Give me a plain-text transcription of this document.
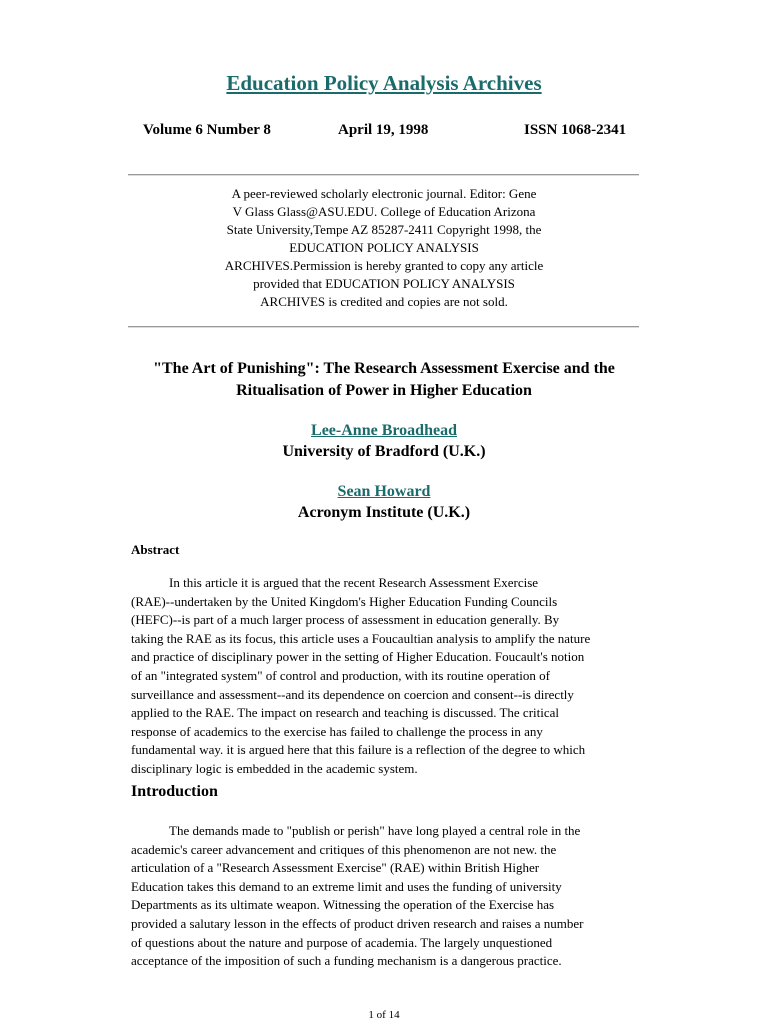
Education Policy Analysis Archives
Volume 6 Number 8	April 19, 1998	ISSN 1068-2341
A peer-reviewed scholarly electronic journal. Editor: Gene
V Glass Glass@ASU.EDU. College of Education Arizona
State University,Tempe AZ 85287-2411 Copyright 1998, the
EDUCATION POLICY ANALYSIS
ARCHIVES.Permission is hereby granted to copy any article
provided that EDUCATION POLICY ANALYSIS
ARCHIVES is credited and copies are not sold.
"The Art of Punishing": The Research Assessment Exercise and the
Ritualisation of Power in Higher Education
Lee-Anne Broadhead
University of Bradford (U.K.)
Sean Howard
Acronym Institute (U.K.)
Abstract
In this article it is argued that the recent Research Assessment Exercise
(RAE)--undertaken by the United Kingdom's Higher Education Funding Councils
(HEFC)--is part of a much larger process of assessment in education generally. By
taking the RAE as its focus, this article uses a Foucaultian analysis to amplify the nature
and practice of disciplinary power in the setting of Higher Education. Foucault's notion
of an "integrated system" of control and production, with its routine operation of
surveillance and assessment--and its dependence on coercion and consent--is directly
applied to the RAE. The impact on research and teaching is discussed. The critical
response of academics to the exercise has failed to challenge the process in any
fundamental way. it is argued here that this failure is a reflection of the degree to which
disciplinary logic is embedded in the academic system.
Introduction
The demands made to "publish or perish" have long played a central role in the
academic's career advancement and critiques of this phenomenon are not new. the
articulation of a "Research Assessment Exercise" (RAE) within British Higher
Education takes this demand to an extreme limit and uses the funding of university
Departments as its ultimate weapon. Witnessing the operation of the Exercise has
provided a salutary lesson in the effects of product driven research and raises a number
of questions about the nature and purpose of academia. The largely unquestioned
acceptance of the imposition of such a funding mechanism is a dangerous practice.
1 of 14
